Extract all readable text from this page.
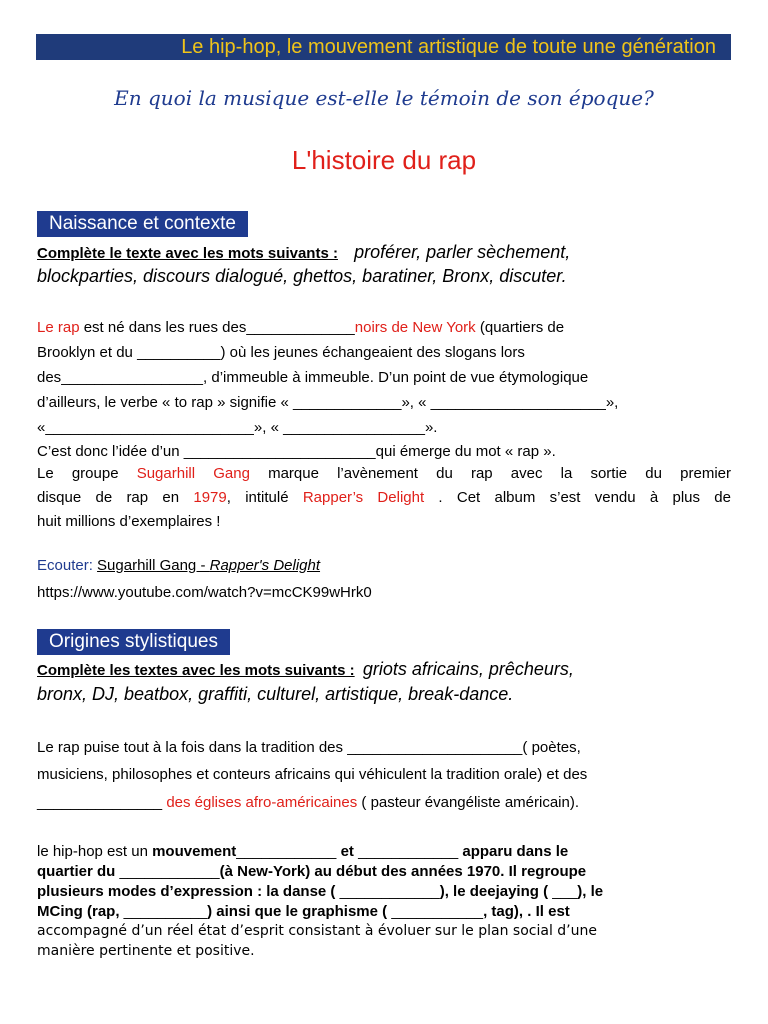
Le hip-hop, le mouvement artistique de toute une génération
En quoi la musique est-elle le témoin de son époque?
L'histoire du rap
Naissance et contexte
Complète le texte avec les mots suivants : proférer, parler sèchement,
blockparties, discours dialogué, ghettos, baratiner, Bronx, discuter.
Le rap est né dans les rues des_____________noirs de New York (quartiers de
Brooklyn et du __________) où les jeunes échangeaient des slogans lors
des_________________, d’immeuble à immeuble. D’un point de vue étymologique
d’ailleurs, le verbe « to rap » signifie « _____________», « _____________________»,
«_________________________», « _________________».
C’est donc l’idée d’un _______________________qui émerge du mot « rap ».
Le groupe Sugarhill Gang marque l’avènement du rap avec la sortie du premier
disque de rap en 1979, intitulé Rapper’s Delight . Cet album s’est vendu à plus de
huit millions d’exemplaires !
Ecouter: Sugarhill Gang - Rapper's Delight
https://www.youtube.com/watch?v=mcCK99wHrk0
Origines stylistiques
Complète les textes avec les mots suivants : griots africains, prêcheurs,
bronx, DJ, beatbox, graffiti, culturel, artistique, break-dance.
Le rap puise tout à la fois dans la tradition des _____________________( poètes,
musiciens, philosophes et conteurs africains qui véhiculent la tradition orale) et des
_______________ des églises afro-américaines ( pasteur évangéliste américain).
le hip-hop est un mouvement____________ et ____________ apparu dans le
quartier du ____________(à New-York) au début des années 1970. Il regroupe
plusieurs modes d’expression : la danse ( ____________), le deejaying ( ___), le
MCing (rap, __________) ainsi que le graphisme ( ___________, tag), . Il est
accompagné d’un réel état d’esprit consistant à évoluer sur le plan social d’une
manière pertinente et positive.
